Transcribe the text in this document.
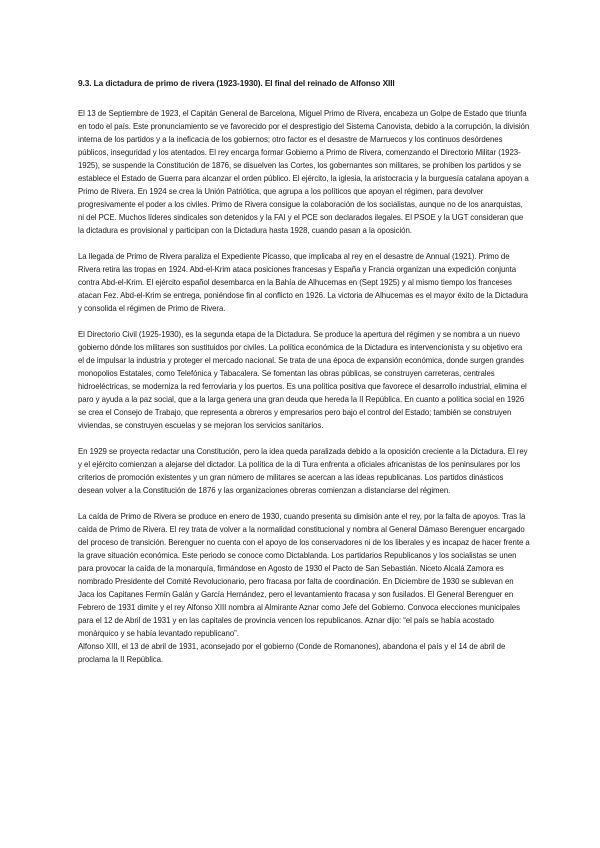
9.3. La dictadura de primo de rivera (1923-1930). El final del reinado de Alfonso XIII

El 13 de Septiembre de 1923, el Capitán General de Barcelona, Miguel Primo de Rivera, encabeza un Golpe de Estado que triunfa en todo el país. Este pronunciamiento se ve favorecido por el desprestigio del Sistema Canovista, debido a la corrupción, la división interna de los partidos y a la ineficacia de los gobiernos; otro factor es el desastre de Marruecos y los continuos desórdenes públicos, inseguridad y los atentados. El rey encarga formar Gobierno a Primo de Rivera, comenzando el Directorio Militar (1923-1925), se suspende la Constitución de 1876, se disuelven las Cortes, los gobernantes son militares, se prohíben los partidos y se establece el Estado de Guerra para alcanzar el orden público. El ejército, la iglesia, la aristocracia y la burguesía catalana apoyan a Primo de Rivera. En 1924 se crea la Unión Patriótica, que agrupa a los políticos que apoyan el régimen, para devolver progresivamente el poder a los civiles. Primo de Rivera consigue la colaboración de los socialistas, aunque no de los anarquistas, ni del PCE. Muchos líderes sindicales son detenidos y la FAI y el PCE son declarados ilegales. El PSOE y la UGT consideran que la dictadura es provisional y participan con la Dictadura hasta 1928, cuando pasan a la oposición.

La llegada de Primo de Rivera paraliza el Expediente Picasso, que implicaba al rey en el desastre de Annual (1921). Primo de Rivera retira las tropas en 1924. Abd-el-Krim ataca posiciones francesas y España y Francia organizan una expedición conjunta contra Abd-el-Krim. El ejército español desembarca en la Bahía de Alhucemas en (Sept 1925) y al mismo tiempo los franceses atacan Fez. Abd-el-Krim se entrega, poniéndose fin al conflicto en 1926. La victoria de Alhucemas es el mayor éxito de la Dictadura y consolida el régimen de Primo de Rivera.

El Directorio Civil (1925-1930), es la segunda etapa de la Dictadura. Se produce la apertura del régimen y se nombra a un nuevo gobierno dónde los militares son sustituidos por civiles. La política económica de la Dictadura es intervencionista y su objetivo era el de impulsar la industria y proteger el mercado nacional. Se trata de una época de expansión económica, donde surgen grandes monopolios Estatales, como Telefónica y Tabacalera. Se fomentan las obras públicas, se construyen carreteras, centrales hidroeléctricas, se moderniza la red ferroviaria y los puertos. Es una política positiva que favorece el desarrollo industrial, elimina el paro y ayuda a la paz social, que a la larga genera una gran deuda que hereda la II República. En cuanto a política social en 1926 se crea el Consejo de Trabajo, que representa a obreros y empresarios pero bajo el control del Estado; también se construyen viviendas, se construyen escuelas y se mejoran los servicios sanitarios.

En 1929 se proyecta redactar una Constitución, pero la idea queda paralizada debido a la oposición creciente a la Dictadura. El rey y el ejército comienzan a alejarse del dictador. La política de la di Tura enfrenta a oficiales africanistas de los peninsulares por los criterios de promoción existentes y un gran número de militares se acercan a las ideas republicanas. Los partidos dinásticos desean volver a la Constitución de 1876 y las organizaciones obreras comienzan a distanciarse del régimen.

La caída de Primo de Rivera se produce en enero de 1930, cuando presenta su dimisión ante el rey, por la falta de apoyos. Tras la caída de Primo de Rivera. El rey trata de volver a la normalidad constitucional y nombra al General Dámaso Berenguer encargado del proceso de transición. Berenguer no cuenta con el apoyo de los conservadores ni de los liberales y es incapaz de hacer frente a la grave situación económica. Este periodo se conoce como Dictablanda. Los partidarios Republicanos y los socialistas se unen para provocar la caída de la monarquía, firmándose en Agosto de 1930 el Pacto de San Sebastián. Niceto Alcalá Zamora es nombrado Presidente del Comité Revolucionario, pero fracasa por falta de coordinación. En Diciembre de 1930 se sublevan en Jaca los Capitanes Fermín Galán y García Hernández, pero el levantamiento fracasa y son fusilados. El General Berenguer en Febrero de 1931 dimite y el rey Alfonso XIII nombra al Almirante Aznar como Jefe del Gobierno. Convoca elecciones municipales para el 12 de Abril de 1931 y en las capitales de provincia vencen los republicanos. Aznar dijo: “el país se había acostado monárquico y se había levantado republicano”.

Alfonso XIII, el 13 de abril de 1931, aconsejado por el gobierno (Conde de Romanones), abandona el país y el 14 de abril de proclama la II República.
